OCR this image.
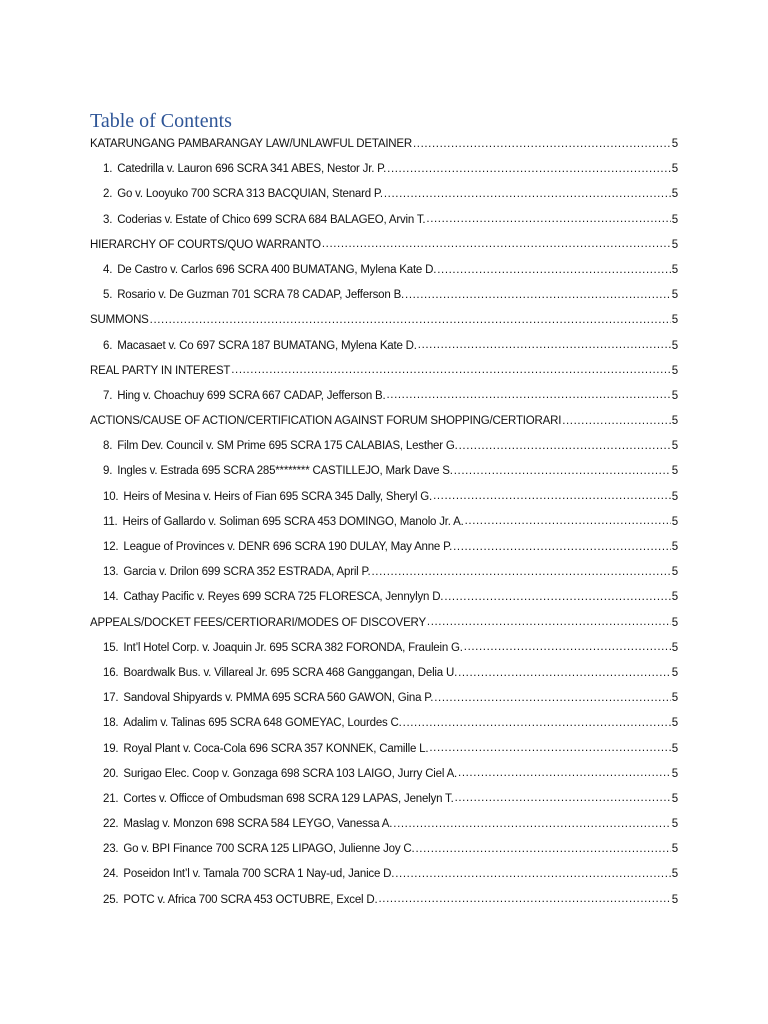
Table of Contents
KATARUNGANG PAMBARANGAY LAW/UNLAWFUL DETAINER .....	5
1. Catedrilla v. Lauron 696 SCRA 341 ABES, Nestor Jr. P. .....	5
2. Go v. Looyuko 700 SCRA 313 BACQUIAN, Stenard P. .....	5
3. Coderias v. Estate of Chico 699 SCRA 684 BALAGEO, Arvin T. .....	5
HIERARCHY OF COURTS/QUO WARRANTO .....	5
4. De Castro v. Carlos 696 SCRA 400 BUMATANG, Mylena Kate D. .....	5
5. Rosario v. De Guzman 701 SCRA 78 CADAP, Jefferson B. .....	5
SUMMONS .....	5
6. Macasaet v. Co 697 SCRA 187 BUMATANG, Mylena Kate D. .....	5
REAL PARTY IN INTEREST .....	5
7. Hing v. Choachuy 699 SCRA 667 CADAP, Jefferson B. .....	5
ACTIONS/CAUSE OF ACTION/CERTIFICATION AGAINST FORUM SHOPPING/CERTIORARI .....	5
8. Film Dev. Council v. SM Prime 695 SCRA 175 CALABIAS, Lesther G. .....	5
9. Ingles v. Estrada 695 SCRA 285******** CASTILLEJO, Mark Dave S. .....	5
10. Heirs of Mesina v. Heirs of Fian 695 SCRA 345 Dally, Sheryl G. .....	5
11. Heirs of Gallardo v. Soliman 695 SCRA 453 DOMINGO, Manolo Jr. A. .....	5
12. League of Provinces v. DENR 696 SCRA 190 DULAY, May Anne P. .....	5
13. Garcia v. Drilon 699 SCRA 352 ESTRADA, April P. .....	5
14. Cathay Pacific v. Reyes 699 SCRA 725 FLORESCA, Jennylyn D. .....	5
APPEALS/DOCKET FEES/CERTIORARI/MODES OF DISCOVERY .....	5
15. Int’l Hotel Corp. v. Joaquin Jr. 695 SCRA 382 FORONDA, Fraulein G. .....	5
16. Boardwalk Bus. v. Villareal Jr. 695 SCRA 468 Ganggangan, Delia U. .....	5
17. Sandoval Shipyards v. PMMA 695 SCRA 560 GAWON, Gina P. .....	5
18. Adalim v. Talinas 695 SCRA 648 GOMEYAC, Lourdes C. .....	5
19. Royal Plant v. Coca-Cola 696 SCRA 357 KONNEK, Camille L. .....	5
20. Surigao Elec. Coop v. Gonzaga 698 SCRA 103 LAIGO, Jurry Ciel A. .....	5
21. Cortes v. Officce of Ombudsman 698 SCRA 129 LAPAS, Jenelyn T. .....	5
22. Maslag v. Monzon 698 SCRA 584 LEYGO, Vanessa A. .....	5
23. Go v. BPI Finance 700 SCRA 125 LIPAGO, Julienne Joy C. .....	5
24. Poseidon Int’l v. Tamala 700 SCRA 1 Nay-ud, Janice D. .....	5
25. POTC v. Africa 700 SCRA 453 OCTUBRE, Excel D. .....	5
